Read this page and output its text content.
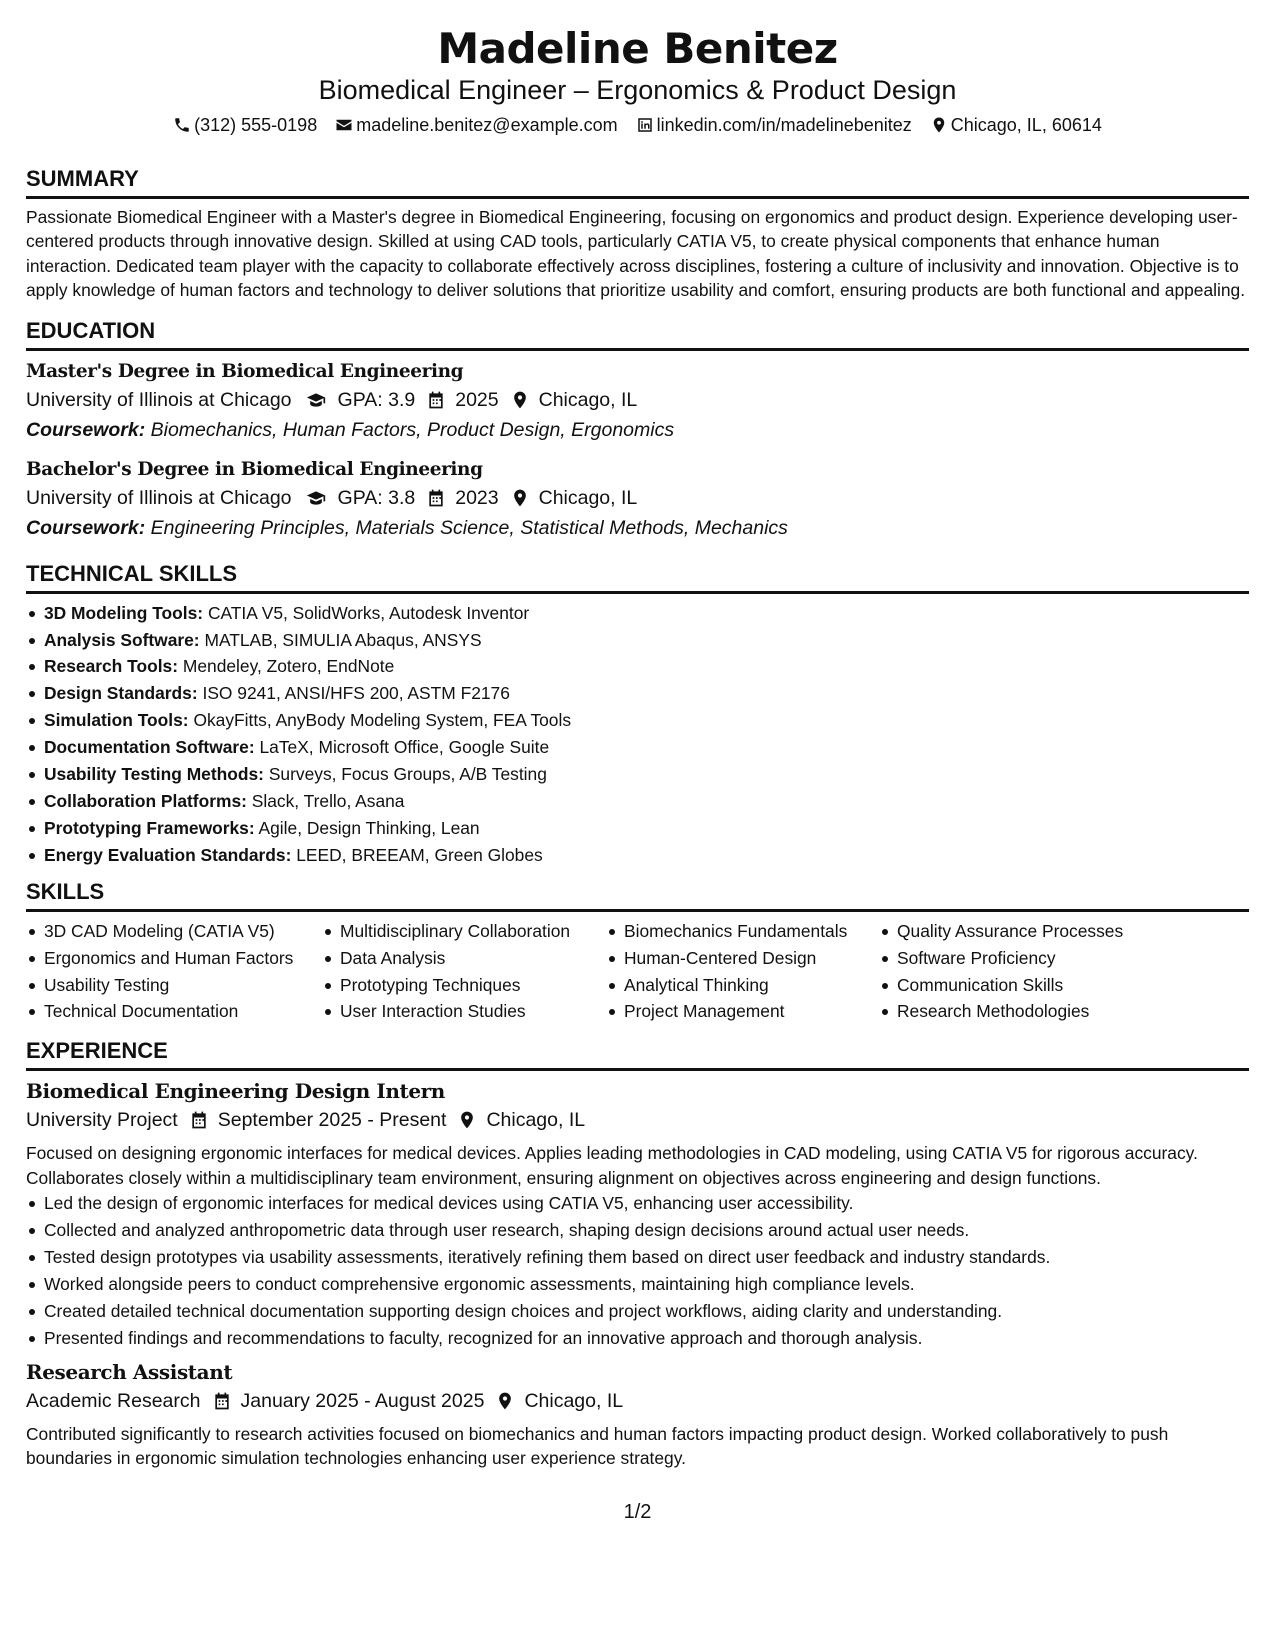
Madeline Benitez
Biomedical Engineer – Ergonomics & Product Design
(312) 555-0198 madeline.benitez@example.com linkedin.com/in/madelinebenitez Chicago, IL, 60614
SUMMARY
Passionate Biomedical Engineer with a Master's degree in Biomedical Engineering, focusing on ergonomics and product design. Experience developing user-centered products through innovative design. Skilled at using CAD tools, particularly CATIA V5, to create physical components that enhance human interaction. Dedicated team player with the capacity to collaborate effectively across disciplines, fostering a culture of inclusivity and innovation. Objective is to apply knowledge of human factors and technology to deliver solutions that prioritize usability and comfort, ensuring products are both functional and appealing.
EDUCATION
Master's Degree in Biomedical Engineering
University of Illinois at Chicago GPA: 3.9 2025 Chicago, IL
Coursework: Biomechanics, Human Factors, Product Design, Ergonomics
Bachelor's Degree in Biomedical Engineering
University of Illinois at Chicago GPA: 3.8 2023 Chicago, IL
Coursework: Engineering Principles, Materials Science, Statistical Methods, Mechanics
TECHNICAL SKILLS
3D Modeling Tools: CATIA V5, SolidWorks, Autodesk Inventor
Analysis Software: MATLAB, SIMULIA Abaqus, ANSYS
Research Tools: Mendeley, Zotero, EndNote
Design Standards: ISO 9241, ANSI/HFS 200, ASTM F2176
Simulation Tools: OkayFitts, AnyBody Modeling System, FEA Tools
Documentation Software: LaTeX, Microsoft Office, Google Suite
Usability Testing Methods: Surveys, Focus Groups, A/B Testing
Collaboration Platforms: Slack, Trello, Asana
Prototyping Frameworks: Agile, Design Thinking, Lean
Energy Evaluation Standards: LEED, BREEAM, Green Globes
SKILLS
3D CAD Modeling (CATIA V5)
Ergonomics and Human Factors
Usability Testing
Technical Documentation
Multidisciplinary Collaboration
Data Analysis
Prototyping Techniques
User Interaction Studies
Biomechanics Fundamentals
Human-Centered Design
Analytical Thinking
Project Management
Quality Assurance Processes
Software Proficiency
Communication Skills
Research Methodologies
EXPERIENCE
Biomedical Engineering Design Intern
University Project September 2025 - Present Chicago, IL
Focused on designing ergonomic interfaces for medical devices. Applies leading methodologies in CAD modeling, using CATIA V5 for rigorous accuracy. Collaborates closely within a multidisciplinary team environment, ensuring alignment on objectives across engineering and design functions.
Led the design of ergonomic interfaces for medical devices using CATIA V5, enhancing user accessibility.
Collected and analyzed anthropometric data through user research, shaping design decisions around actual user needs.
Tested design prototypes via usability assessments, iteratively refining them based on direct user feedback and industry standards.
Worked alongside peers to conduct comprehensive ergonomic assessments, maintaining high compliance levels.
Created detailed technical documentation supporting design choices and project workflows, aiding clarity and understanding.
Presented findings and recommendations to faculty, recognized for an innovative approach and thorough analysis.
Research Assistant
Academic Research January 2025 - August 2025 Chicago, IL
Contributed significantly to research activities focused on biomechanics and human factors impacting product design. Worked collaboratively to push boundaries in ergonomic simulation technologies enhancing user experience strategy.
1/2
